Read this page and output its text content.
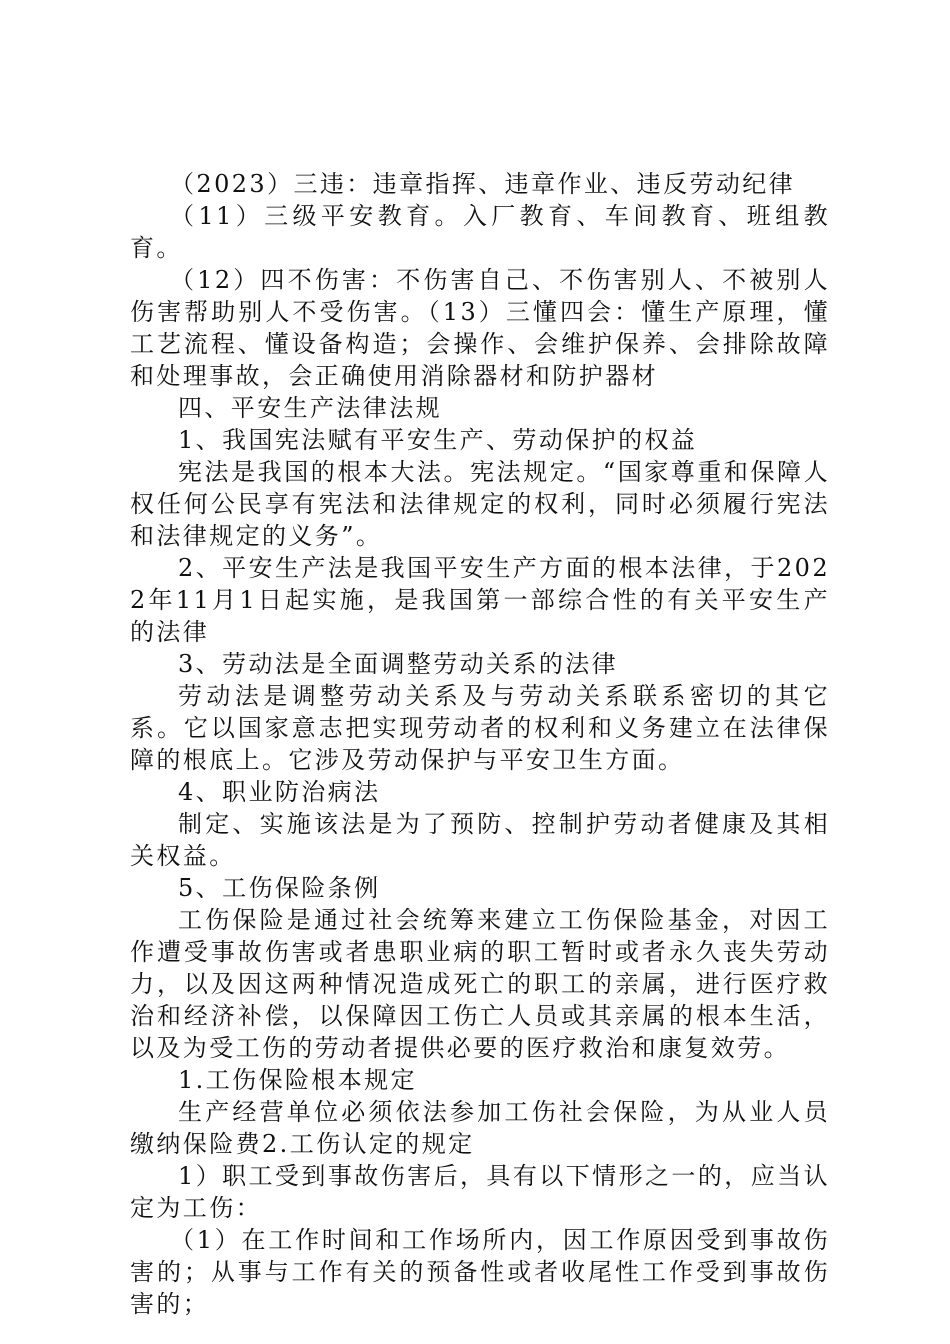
（2023）三违：违章指挥、违章作业、违反劳动纪律

（11）三级平安教育。入厂教育、车间教育、班组教育。

（12）四不伤害：不伤害自己、不伤害别人、不被别人伤害帮助别人不受伤害。（13）三懂四会：懂生产原理，懂工艺流程、懂设备构造；会操作、会维护保养、会排除故障和处理事故，会正确使用消除器材和防护器材

四、平安生产法律法规

1、我国宪法赋有平安生产、劳动保护的权益

宪法是我国的根本大法。宪法规定。“国家尊重和保障人权任何公民享有宪法和法律规定的权利，同时必须履行宪法和法律规定的义务”。

2、平安生产法是我国平安生产方面的根本法律，于2022年11月1日起实施，是我国第一部综合性的有关平安生产的法律

3、劳动法是全面调整劳动关系的法律

劳动法是调整劳动关系及与劳动关系联系密切的其它系。它以国家意志把实现劳动者的权利和义务建立在法律保障的根底上。它涉及劳动保护与平安卫生方面。

4、职业防治病法

制定、实施该法是为了预防、控制护劳动者健康及其相关权益。

5、工伤保险条例

工伤保险是通过社会统筹来建立工伤保险基金，对因工作遭受事故伤害或者患职业病的职工暂时或者永久丧失劳动力，以及因这两种情况造成死亡的职工的亲属，进行医疗救治和经济补偿，以保障因工伤亡人员或其亲属的根本生活，以及为受工伤的劳动者提供必要的医疗救治和康复效劳。

1.工伤保险根本规定

生产经营单位必须依法参加工伤社会保险，为从业人员缴纳保险费2.工伤认定的规定

1）职工受到事故伤害后，具有以下情形之一的，应当认定为工伤：

（1）在工作时间和工作场所内，因工作原因受到事故伤害的；从事与工作有关的预备性或者收尾性工作受到事故伤害的；
